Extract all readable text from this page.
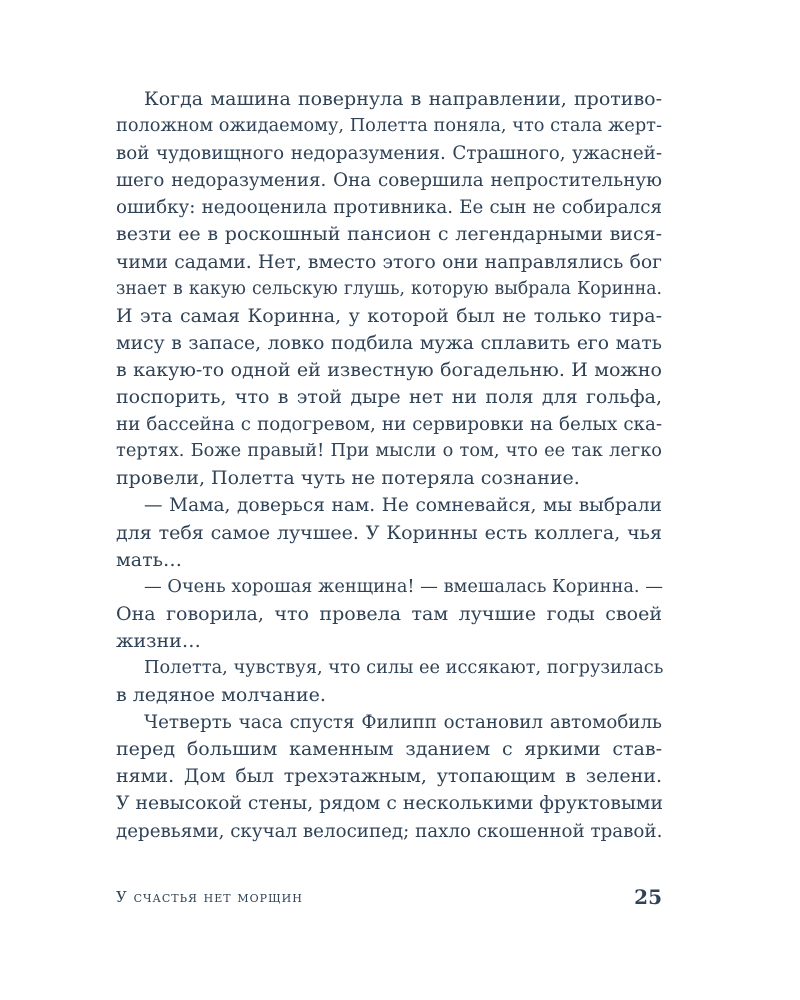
Когда машина повернула в направлении, противо-
положном ожидаемому, Полетта поняла, что стала жерт-
вой чудовищного недоразумения. Страшного, ужасней-
шего недоразумения. Она совершила непростительную
ошибку: недооценила противника. Ее сын не собирался
везти ее в роскошный пансион с легендарными вися-
чими садами. Нет, вместо этого они направлялись бог
знает в какую сельскую глушь, которую выбрала Коринна.
И эта самая Коринна, у которой был не только тира-
мису в запасе, ловко подбила мужа сплавить его мать
в какую-то одной ей известную богадельню. И можно
поспорить, что в этой дыре нет ни поля для гольфа,
ни бассейна с подогревом, ни сервировки на белых ска-
тертях. Боже правый! При мысли о том, что ее так легко
провели, Полетта чуть не потеряла сознание.
— Мама, доверься нам. Не сомневайся, мы выбрали
для тебя самое лучшее. У Коринны есть коллега, чья
мать…
— Очень хорошая женщина! — вмешалась Коринна. —
Она говорила, что провела там лучшие годы своей
жизни…
Полетта, чувствуя, что силы ее иссякают, погрузилась
в ледяное молчание.
Четверть часа спустя Филипп остановил автомобиль
перед большим каменным зданием с яркими став-
нями. Дом был трехэтажным, утопающим в зелени.
У невысокой стены, рядом с несколькими фруктовыми
деревьями, скучал велосипед; пахло скошенной травой.
У счастья нет морщин	25
